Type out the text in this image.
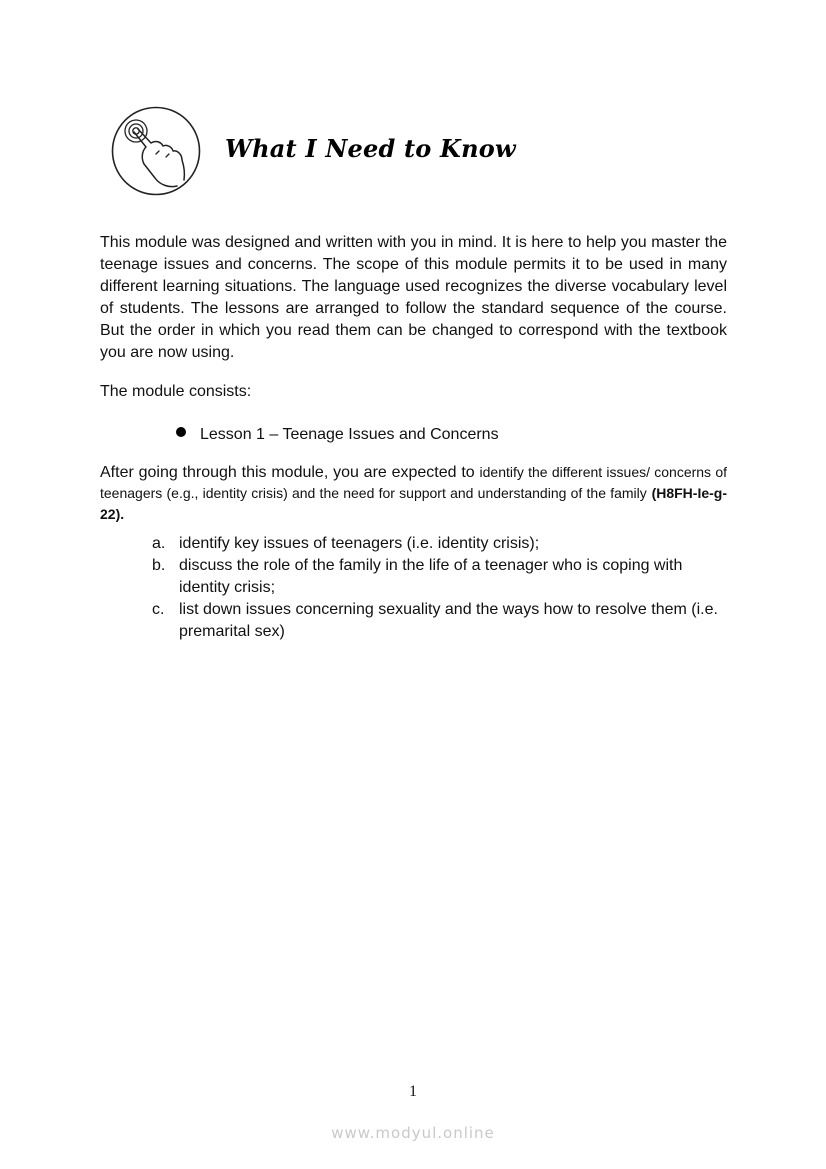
What I Need to Know

This module was designed and written with you in mind. It is here to help you master the teenage issues and concerns. The scope of this module permits it to be used in many different learning situations. The language used recognizes the diverse vocabulary level of students. The lessons are arranged to follow the standard sequence of the course. But the order in which you read them can be changed to correspond with the textbook you are now using.

The module consists:

Lesson 1 – Teenage Issues and Concerns

After going through this module, you are expected to identify the different issues/ concerns of teenagers (e.g., identity crisis) and the need for support and understanding of the family (H8FH-Ie-g-22).

a. identify key issues of teenagers (i.e. identity crisis);
b. discuss the role of the family in the life of a teenager who is coping with identity crisis;
c. list down issues concerning sexuality and the ways how to resolve them (i.e. premarital sex)
1
www.modyul.online
